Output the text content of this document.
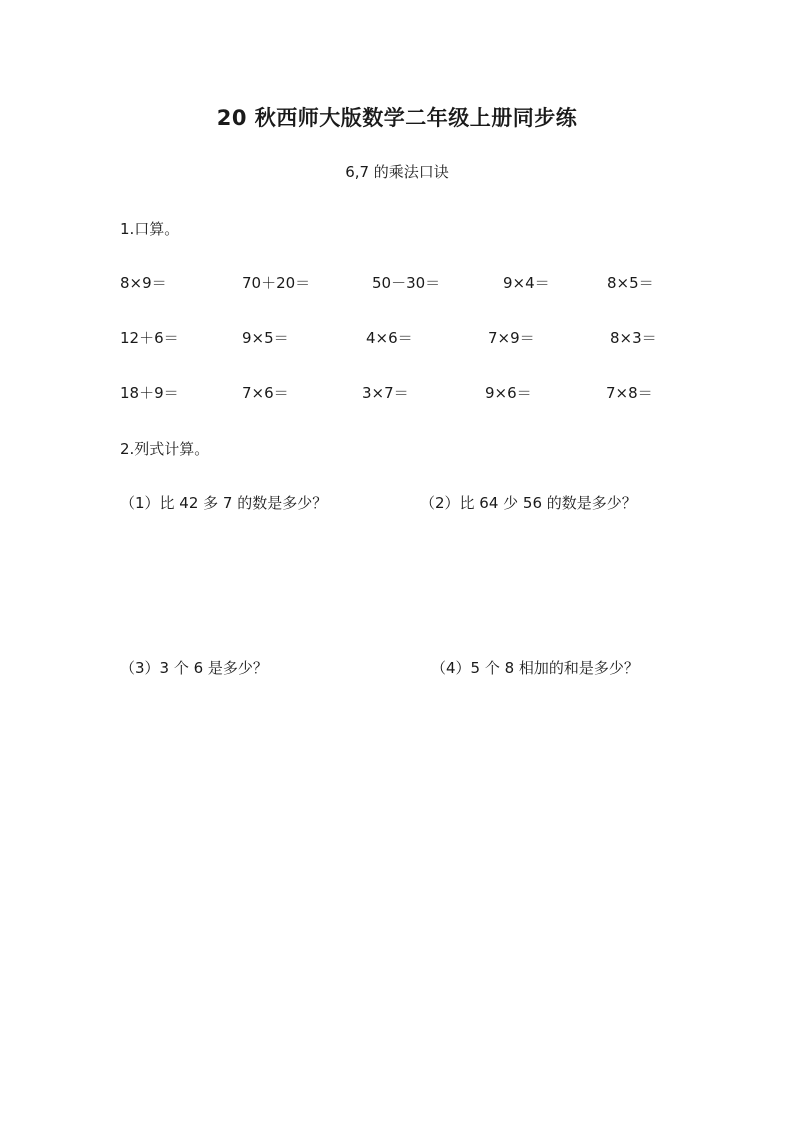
20 秋西师大版数学二年级上册同步练
6,7 的乘法口诀
1.口算。
8×9＝	70＋20＝	50－30＝	9×4＝	8×5＝
12＋6＝	9×5＝	4×6＝	7×9＝	8×3＝
18＋9＝	7×6＝	3×7＝	9×6＝	7×8＝
2.列式计算。
（1）比 42 多 7 的数是多少？	（2）比 64 少 56 的数是多少？
（3）3 个 6 是多少？	（4）5 个 8 相加的和是多少？
